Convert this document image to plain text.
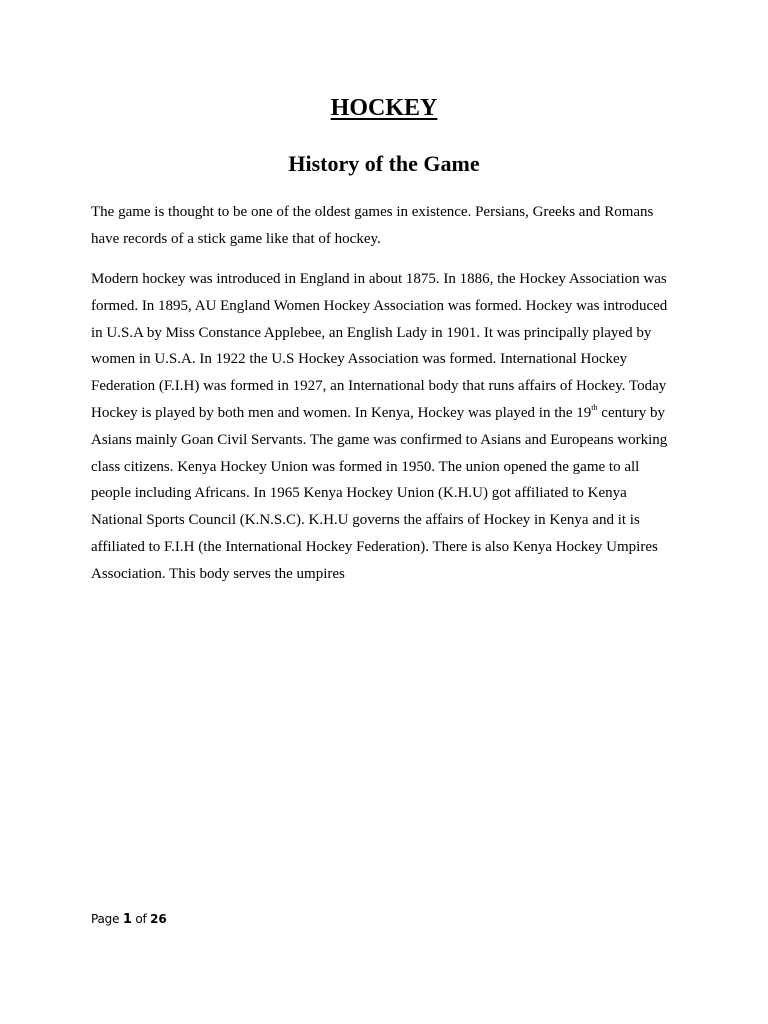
HOCKEY
History of the Game

The game is thought to be one of the oldest games in existence. Persians, Greeks and Romans have records of a stick game like that of hockey.

Modern hockey was introduced in England in about 1875. In 1886, the Hockey Association was formed. In 1895, AU England Women Hockey Association was formed. Hockey was introduced in U.S.A by Miss Constance Applebee, an English Lady in 1901. It was principally played by women in U.S.A. In 1922 the U.S Hockey Association was formed. International Hockey Federation (F.I.H) was formed in 1927, an International body that runs affairs of Hockey. Today Hockey is played by both men and women. In Kenya, Hockey was played in the 19th century by Asians mainly Goan Civil Servants. The game was confirmed to Asians and Europeans working class citizens. Kenya Hockey Union was formed in 1950. The union opened the game to all people including Africans. In 1965 Kenya Hockey Union (K.H.U) got affiliated to Kenya National Sports Council (K.N.S.C). K.H.U governs the affairs of Hockey in Kenya and it is affiliated to F.I.H (the International Hockey Federation). There is also Kenya Hockey Umpires Association. This body serves the umpires

Page 1 of 26
